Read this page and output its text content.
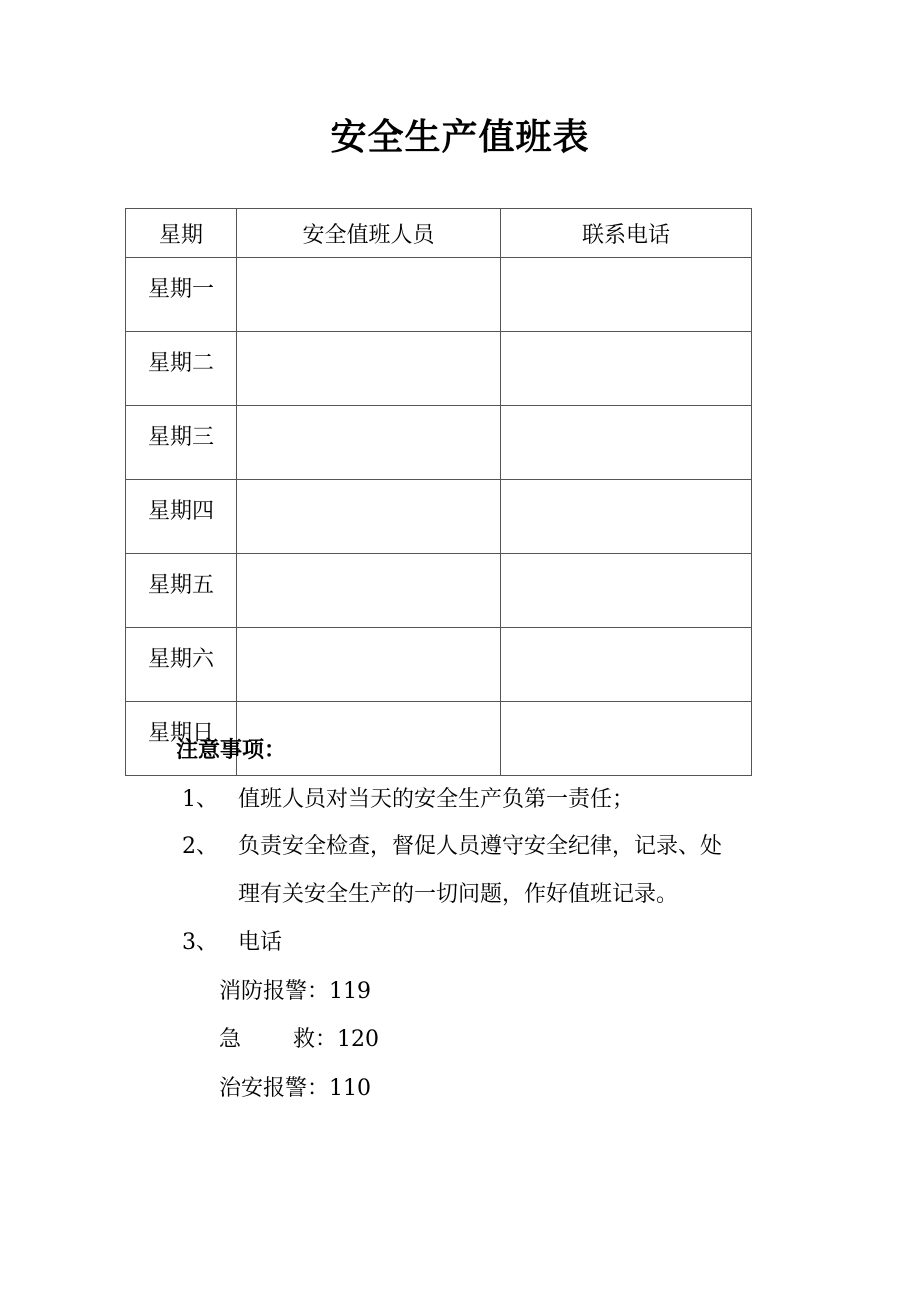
安全生产值班表
星期	安全值班人员	联系电话
星期一		
星期二		
星期三		
星期四		
星期五		
星期六		
星期日		
注意事项：
1、 值班人员对当天的安全生产负第一责任；
2、 负责安全检查，督促人员遵守安全纪律，记录、处
理有关安全生产的一切问题，作好值班记录。
3、 电话
消防报警：119
急 救 ：120
治安报警：110
